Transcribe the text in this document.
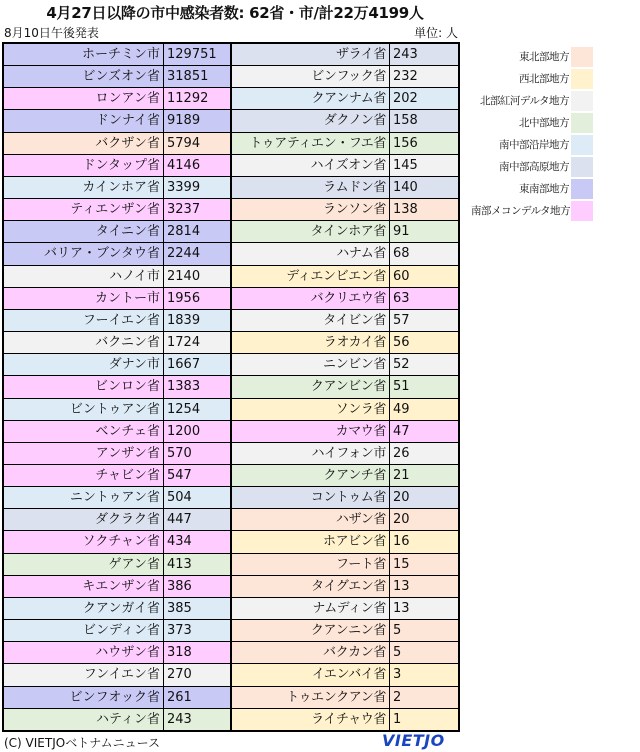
4月27日以降の市中感染者数: 62省・市/計22万4199人
8月10日午後発表	単位: 人
ホーチミン市 129751
ビンズオン省 31851
ロンアン省 11292
ドンナイ省 9189
バクザン省 5794
ドンタップ省 4146
カインホア省 3399
ティエンザン省 3237
タイニン省 2814
バリア・ブンタウ省 2244
ハノイ市 2140
カントー市 1956
フーイエン省 1839
バクニン省 1724
ダナン市 1667
ビンロン省 1383
ビントゥアン省 1254
ベンチェ省 1200
アンザン省 570
チャビン省 547
ニントゥアン省 504
ダクラク省 447
ソクチャン省 434
ゲアン省 413
キエンザン省 386
クアンガイ省 385
ビンディン省 373
ハウザン省 318
フンイエン省 270
ビンフオック省 261
ハティン省 243
ザライ省 243
ビンフック省 232
クアンナム省 202
ダクノン省 158
トゥアティエン・フエ省 156
ハイズオン省 145
ラムドン省 140
ランソン省 138
タインホア省 91
ハナム省 68
ディエンビエン省 60
バクリエウ省 63
タイビン省 57
ラオカイ省 56
ニンビン省 52
クアンビン省 51
ソンラ省 49
カマウ省 47
ハイフォン市 26
クアンチ省 21
コントゥム省 20
ハザン省 20
ホアビン省 16
フート省 15
タイグエン省 13
ナムディン省 13
クアンニン省 5
バクカン省 5
イエンバイ省 3
トゥエンクアン省 2
ライチャウ省 1
東北部地方
西北部地方
北部紅河デルタ地方
北中部地方
南中部沿岸地方
南中部高原地方
東南部地方
南部メコンデルタ地方
(C) VIETJOベトナムニュース	VIETJO
